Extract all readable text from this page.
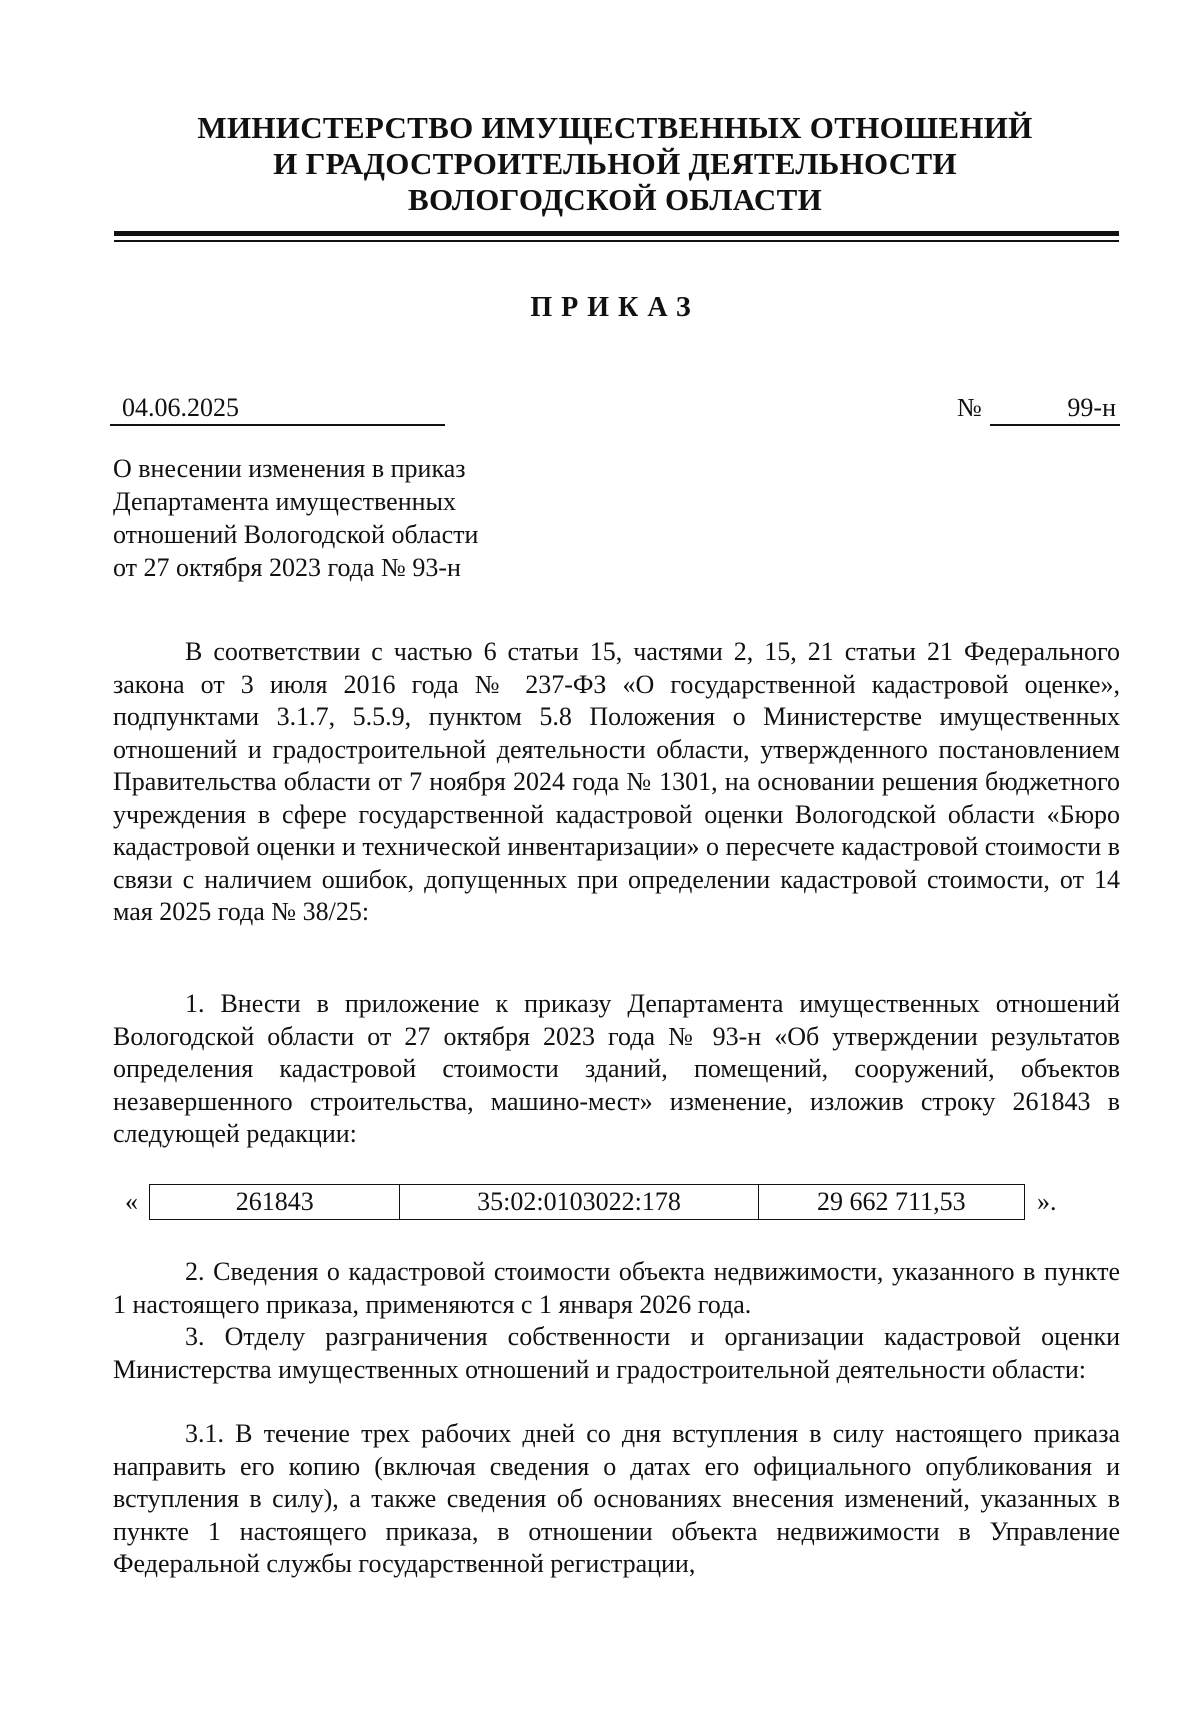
МИНИСТЕРСТВО ИМУЩЕСТВЕННЫХ ОТНОШЕНИЙ
И ГРАДОСТРОИТЕЛЬНОЙ ДЕЯТЕЛЬНОСТИ
ВОЛОГОДСКОЙ ОБЛАСТИ
ПРИКАЗ
04.06.2025	№	99-н
О внесении изменения в приказ
Департамента имущественных
отношений Вологодской области
от 27 октября 2023 года № 93-н

В соответствии с частью 6 статьи 15, частями 2, 15, 21 статьи 21 Федерального закона от 3 июля 2016 года № 237-ФЗ «О государственной кадастровой оценке», подпунктами 3.1.7, 5.5.9, пунктом 5.8 Положения о Министерстве имущественных отношений и градостроительной деятельности области, утвержденного постановлением Правительства области от 7 ноября 2024 года № 1301, на основании решения бюджетного учреждения в сфере государственной кадастровой оценки Вологодской области «Бюро кадастровой оценки и технической инвентаризации» о пересчете кадастровой стоимости в связи с наличием ошибок, допущенных при определении кадастровой стоимости, от 14 мая 2025 года № 38/25:

1. Внести в приложение к приказу Департамента имущественных отношений Вологодской области от 27 октября 2023 года № 93-н «Об утверждении результатов определения кадастровой стоимости зданий, помещений, сооружений, объектов незавершенного строительства, машино-мест» изменение, изложив строку 261843 в следующей редакции:

«	261843	35:02:0103022:178	29 662 711,53	».

2. Сведения о кадастровой стоимости объекта недвижимости, указанного в пункте 1 настоящего приказа, применяются с 1 января 2026 года.

3. Отделу разграничения собственности и организации кадастровой оценки Министерства имущественных отношений и градостроительной деятельности области:

3.1. В течение трех рабочих дней со дня вступления в силу настоящего приказа направить его копию (включая сведения о датах его официального опубликования и вступления в силу), а также сведения об основаниях внесения изменений, указанных в пункте 1 настоящего приказа, в отношении объекта недвижимости в Управление Федеральной службы государственной регистрации,
